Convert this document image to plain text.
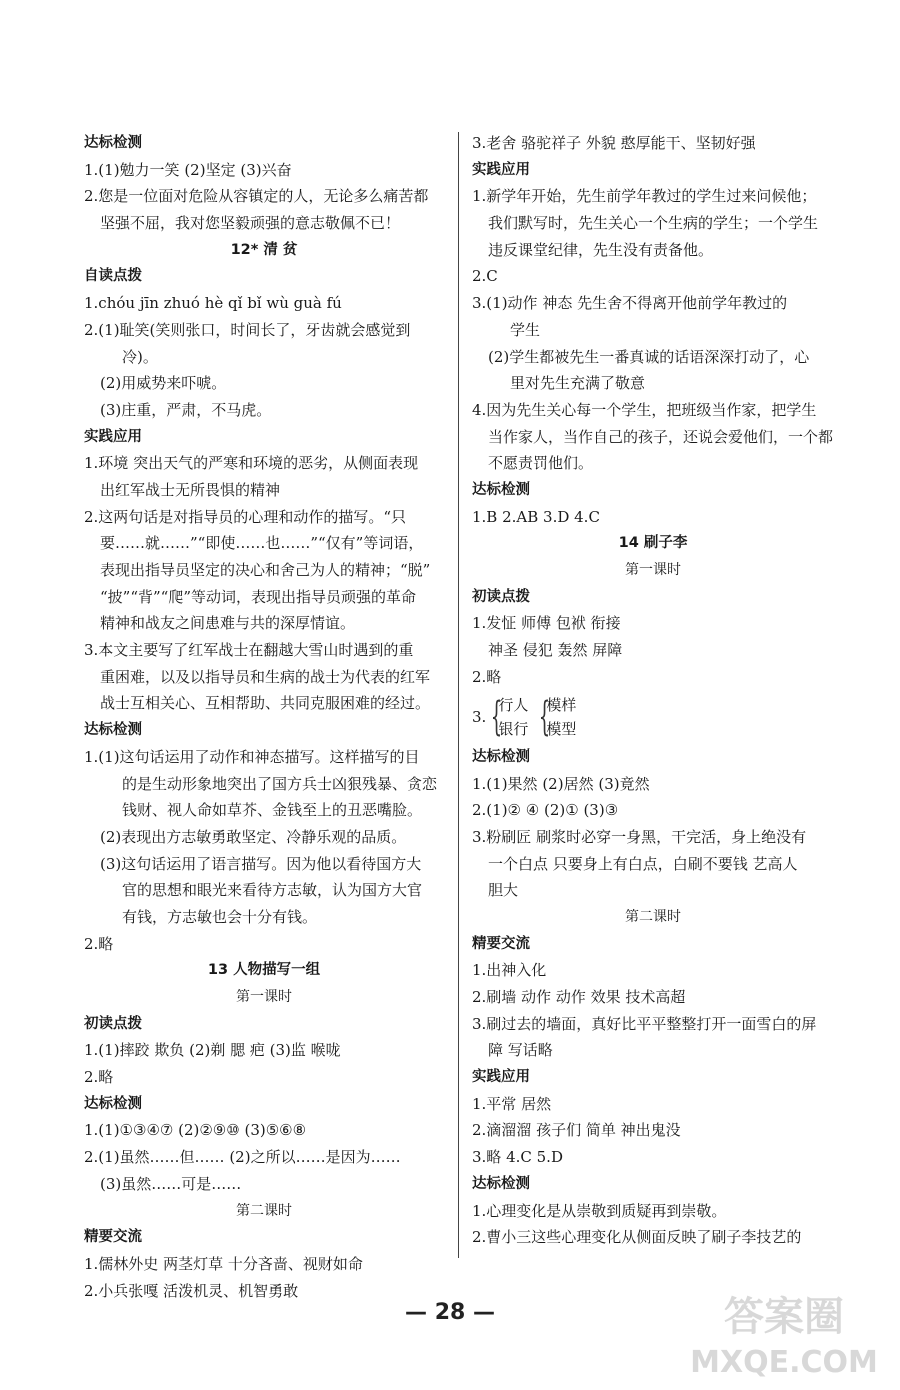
达标检测
1.(1)勉力一笑 (2)坚定 (3)兴奋
2.您是一位面对危险从容镇定的人，无论多么痛苦都
坚强不屈，我对您坚毅顽强的意志敬佩不已！
12* 清 贫
自读点拨
1.chóu jīn zhuó hè qǐ bǐ wù guà fú
2.(1)耻笑(笑则张口，时间长了，牙齿就会感觉到
冷)。
(2)用威势来吓唬。
(3)庄重，严肃，不马虎。
实践应用
1.环境 突出天气的严寒和环境的恶劣，从侧面表现
出红军战士无所畏惧的精神
2.这两句话是对指导员的心理和动作的描写。“只
要……就……”“即使……也……”“仅有”等词语，
表现出指导员坚定的决心和舍己为人的精神；“脱”
“披”“背”“爬”等动词，表现出指导员顽强的革命
精神和战友之间患难与共的深厚情谊。
3.本文主要写了红军战士在翻越大雪山时遇到的重
重困难，以及以指导员和生病的战士为代表的红军
战士互相关心、互相帮助、共同克服困难的经过。
达标检测
1.(1)这句话运用了动作和神态描写。这样描写的目
的是生动形象地突出了国方兵士凶狠残暴、贪恋
钱财、视人命如草芥、金钱至上的丑恶嘴脸。
(2)表现出方志敏勇敢坚定、冷静乐观的品质。
(3)这句话运用了语言描写。因为他以看待国方大
官的思想和眼光来看待方志敏，认为国方大官
有钱，方志敏也会十分有钱。
2.略
13 人物描写一组
第一课时
初读点拨
1.(1)摔跤 欺负 (2)剃 腮 疤 (3)监 喉咙
2.略
达标检测
1.(1)①③④⑦ (2)②⑨⑩ (3)⑤⑥⑧
2.(1)虽然……但…… (2)之所以……是因为……
(3)虽然……可是……
第二课时
精要交流
1.儒林外史 两茎灯草 十分吝啬、视财如命
2.小兵张嘎 活泼机灵、机智勇敢
3.老舍 骆驼祥子 外貌 憨厚能干、坚韧好强
实践应用
1.新学年开始，先生前学年教过的学生过来问候他；
我们默写时，先生关心一个生病的学生；一个学生
违反课堂纪律，先生没有责备他。
2.C
3.(1)动作 神态 先生舍不得离开他前学年教过的
学生
(2)学生都被先生一番真诚的话语深深打动了，心
里对先生充满了敬意
4.因为先生关心每一个学生，把班级当作家，把学生
当作家人，当作自己的孩子，还说会爱他们，一个都
不愿责罚他们。
达标检测
1.B 2.AB 3.D 4.C
14 刷子李
第一课时
初读点拨
1.发怔 师傅 包袱 衔接
神圣 侵犯 轰然 屏障
2.略
3. {
行人
银行 {
模样
模型
达标检测
1.(1)果然 (2)居然 (3)竟然
2.(1)② ④ (2)① (3)③
3.粉刷匠 刷浆时必穿一身黑，干完活，身上绝没有
一个白点 只要身上有白点，白刷不要钱 艺高人
胆大
第二课时
精要交流
1.出神入化
2.刷墙 动作 动作 效果 技术高超
3.刷过去的墙面，真好比平平整整打开一面雪白的屏
障 写话略
实践应用
1.平常 居然
2.滴溜溜 孩子们 简单 神出鬼没
3.略 4.C 5.D
达标检测
1.心理变化是从崇敬到质疑再到崇敬。
2.曹小三这些心理变化从侧面反映了刷子李技艺的
— 28 —	答案圈
MXQE.COM
